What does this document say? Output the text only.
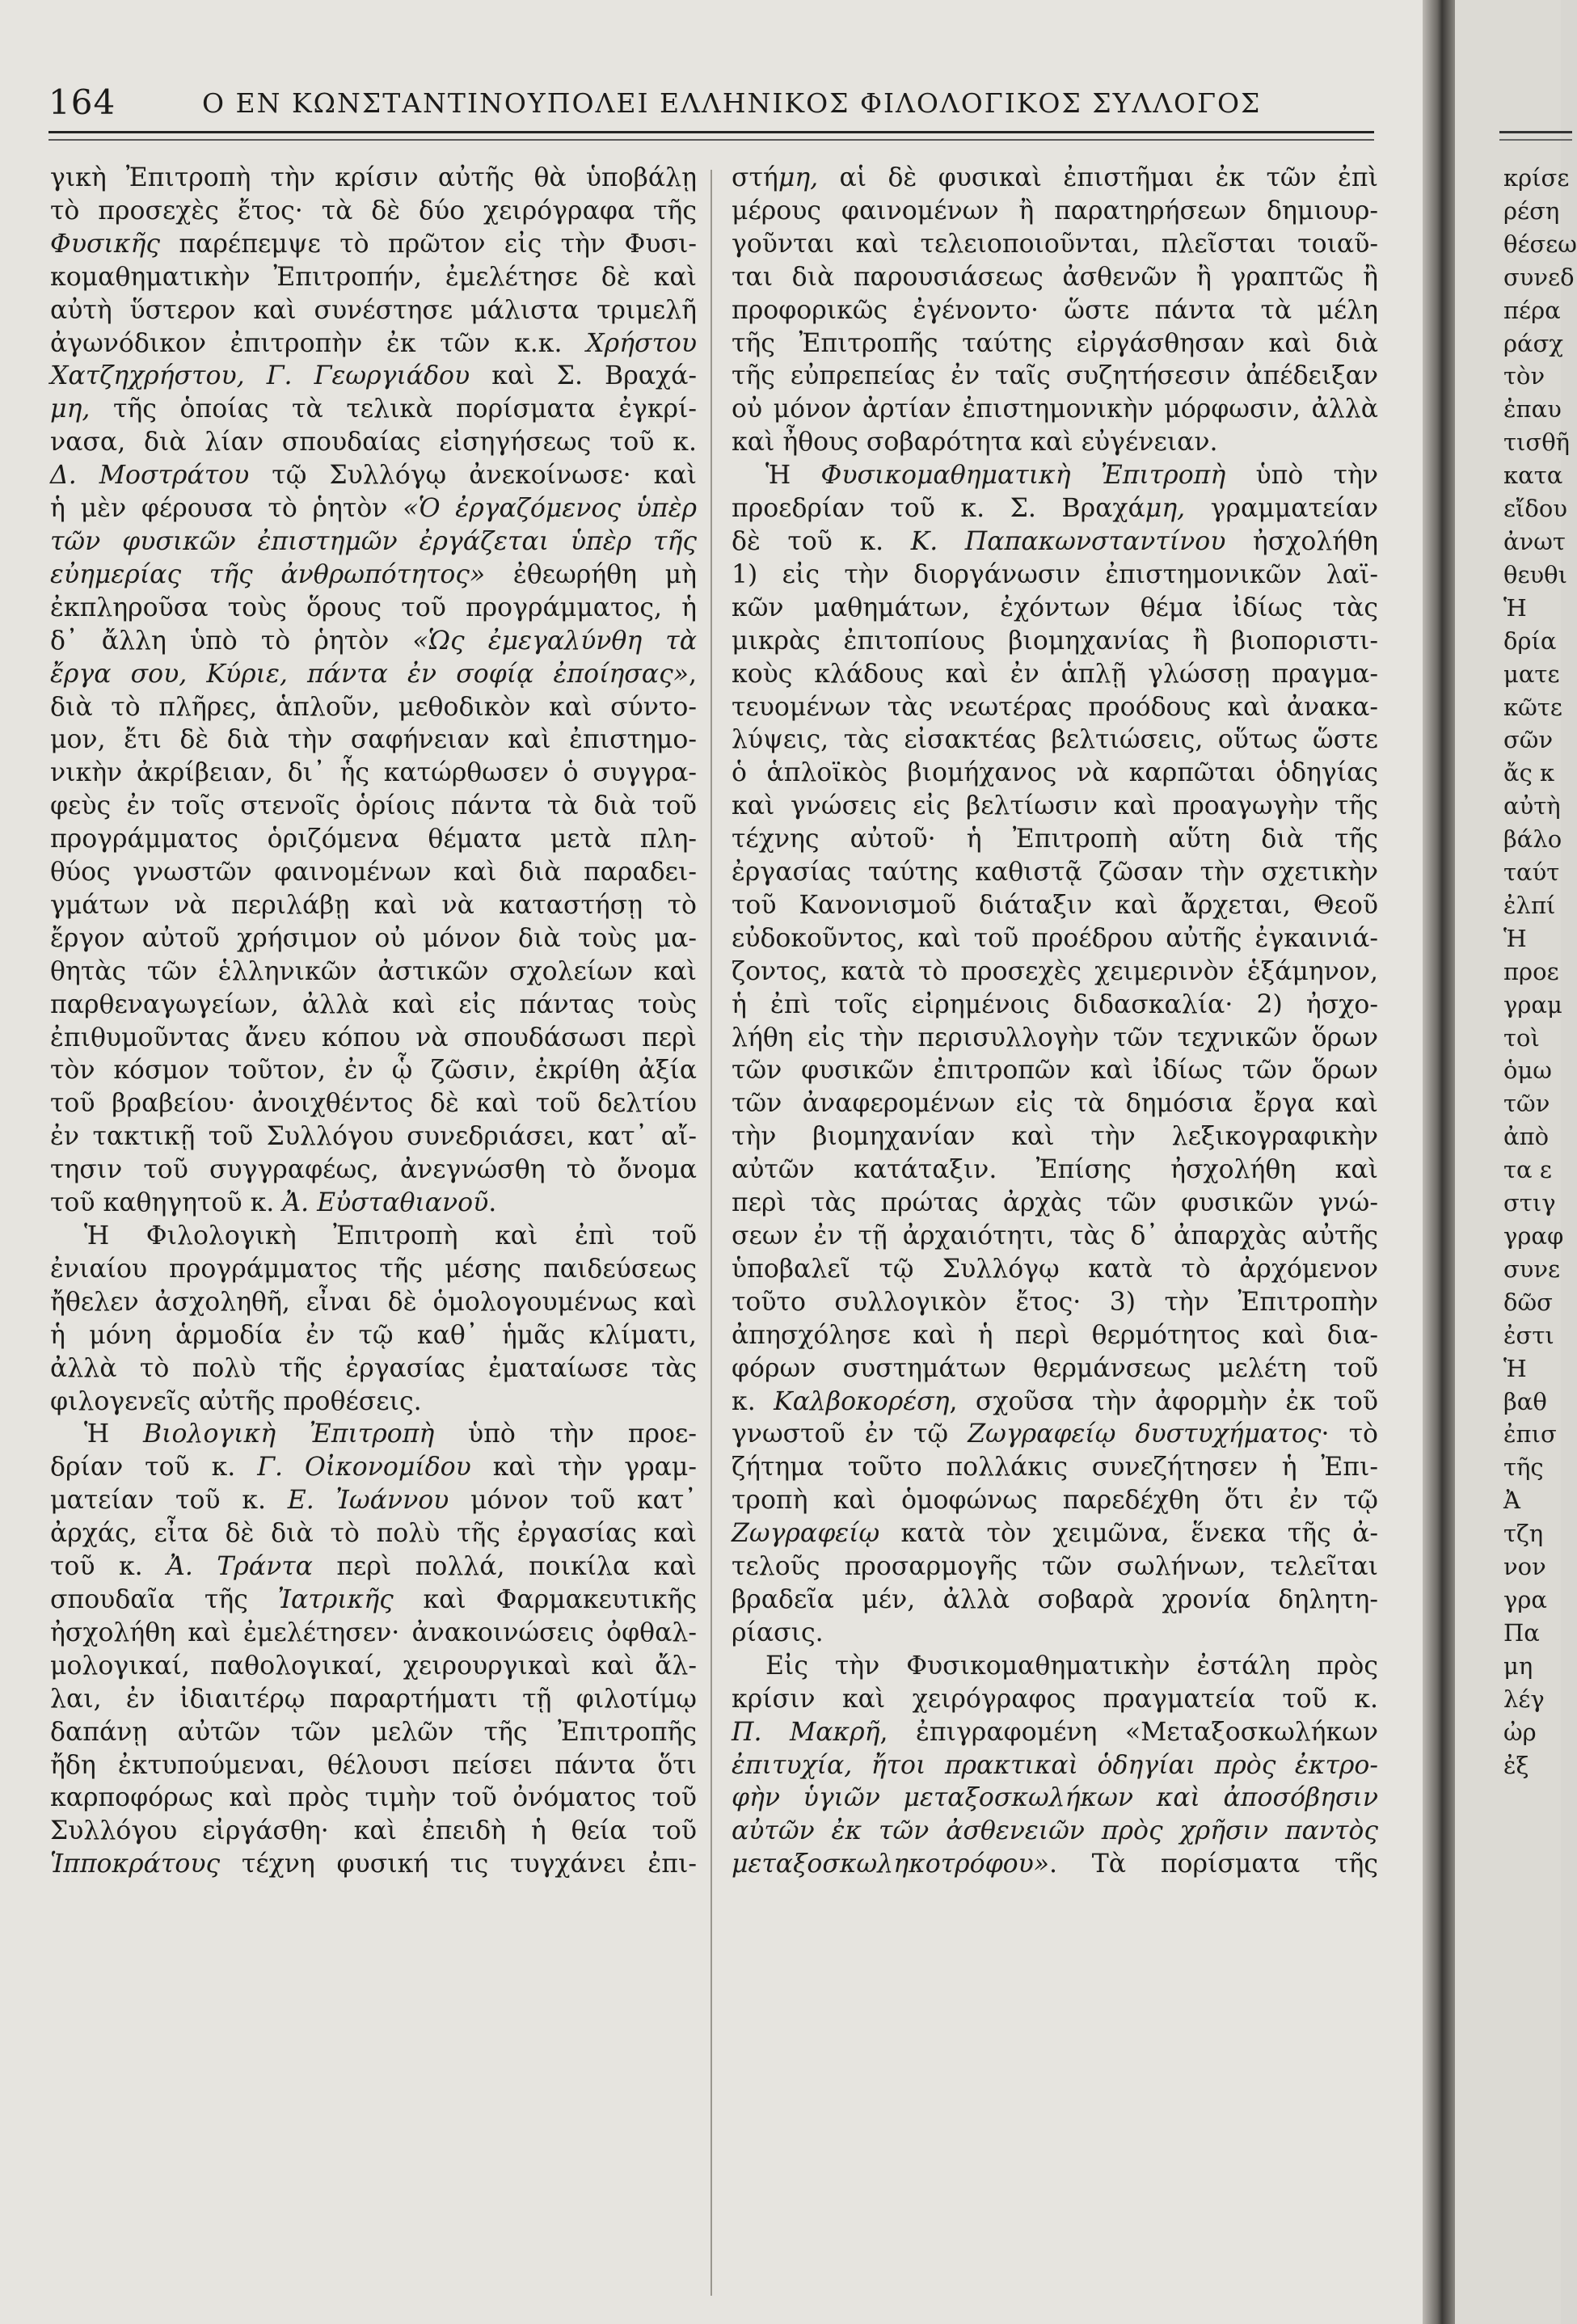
164	Ο ΕΝ ΚΩΝΣΤΑΝΤΙΝΟΥΠΟΛΕΙ ΕΛΛΗΝΙΚΟΣ ΦΙΛΟΛΟΓΙΚΟΣ ΣΥΛΛΟΓΟΣ
γικὴ Ἐπιτροπὴ τὴν κρίσιν αὐτῆς θὰ ὑποβάλῃ
τὸ προσεχὲς ἔτος· τὰ δὲ δύο χειρόγραφα τῆς
Φυσικῆς παρέπεμψε τὸ πρῶτον εἰς τὴν Φυσι-
κομαθηματικὴν Ἐπιτροπήν, ἐμελέτησε δὲ καὶ
αὐτὴ ὕστερον καὶ συνέστησε μάλιστα τριμελῆ
ἀγωνόδικον ἐπιτροπὴν ἐκ τῶν κ.κ. Χρήστου
Χατζηχρήστου, Γ. Γεωργιάδου καὶ Σ. Βραχά-
μη, τῆς ὁποίας τὰ τελικὰ πορίσματα ἐγκρί-
νασα, διὰ λίαν σπουδαίας εἰσηγήσεως τοῦ κ.
Δ. Μοστράτου τῷ Συλλόγῳ ἀνεκοίνωσε· καὶ
ἡ μὲν φέρουσα τὸ ῥητὸν «Ὁ ἐργαζόμενος ὑπὲρ
τῶν φυσικῶν ἐπιστημῶν ἐργάζεται ὑπὲρ τῆς
εὐημερίας τῆς ἀνθρωπότητος» ἐθεωρήθη μὴ
ἐκπληροῦσα τοὺς ὅρους τοῦ προγράμματος, ἡ
δ᾿ ἄλλη ὑπὸ τὸ ῥητὸν «Ὡς ἐμεγαλύνθη τὰ
ἔργα σου, Κύριε, πάντα ἐν σοφίᾳ ἐποίησας»,
διὰ τὸ πλῆρες, ἁπλοῦν, μεθοδικὸν καὶ σύντο-
μον, ἔτι δὲ διὰ τὴν σαφήνειαν καὶ ἐπιστημο-
νικὴν ἀκρίβειαν, δι᾿ ἧς κατώρθωσεν ὁ συγγρα-
φεὺς ἐν τοῖς στενοῖς ὁρίοις πάντα τὰ διὰ τοῦ
προγράμματος ὁριζόμενα θέματα μετὰ πλη-
θύος γνωστῶν φαινομένων καὶ διὰ παραδει-
γμάτων νὰ περιλάβῃ καὶ νὰ καταστήσῃ τὸ
ἔργον αὐτοῦ χρήσιμον οὐ μόνον διὰ τοὺς μα-
θητὰς τῶν ἑλληνικῶν ἀστικῶν σχολείων καὶ
παρθεναγωγείων, ἀλλὰ καὶ εἰς πάντας τοὺς
ἐπιθυμοῦντας ἄνευ κόπου νὰ σπουδάσωσι περὶ
τὸν κόσμον τοῦτον, ἐν ᾧ ζῶσιν, ἐκρίθη ἀξία
τοῦ βραβείου· ἀνοιχθέντος δὲ καὶ τοῦ δελτίου
ἐν τακτικῇ τοῦ Συλλόγου συνεδριάσει, κατ᾿ αἴ-
τησιν τοῦ συγγραφέως, ἀνεγνώσθη τὸ ὄνομα
τοῦ καθηγητοῦ κ. Ἀ. Εὐσταθιανοῦ.
Ἡ Φιλολογικὴ Ἐπιτροπὴ καὶ ἐπὶ τοῦ
ἐνιαίου προγράμματος τῆς μέσης παιδεύσεως
ἤθελεν ἀσχοληθῆ, εἶναι δὲ ὁμολογουμένως καὶ
ἡ μόνη ἁρμοδία ἐν τῷ καθ᾿ ἡμᾶς κλίματι,
ἀλλὰ τὸ πολὺ τῆς ἐργασίας ἐματαίωσε τὰς
φιλογενεῖς αὐτῆς προθέσεις.
Ἡ Βιολογικὴ Ἐπιτροπὴ ὑπὸ τὴν προε-
δρίαν τοῦ κ. Γ. Οἰκονομίδου καὶ τὴν γραμ-
ματείαν τοῦ κ. Ε. Ἰωάννου μόνον τοῦ κατ᾿
ἀρχάς, εἶτα δὲ διὰ τὸ πολὺ τῆς ἐργασίας καὶ
τοῦ κ. Ἀ. Τράντα περὶ πολλά, ποικίλα καὶ
σπουδαῖα τῆς Ἰατρικῆς καὶ Φαρμακευτικῆς
ἠσχολήθη καὶ ἐμελέτησεν· ἀνακοινώσεις ὀφθαλ-
μολογικαί, παθολογικαί, χειρουργικαὶ καὶ ἄλ-
λαι, ἐν ἰδιαιτέρῳ παραρτήματι τῇ φιλοτίμῳ
δαπάνῃ αὐτῶν τῶν μελῶν τῆς Ἐπιτροπῆς
ἤδη ἐκτυπούμεναι, θέλουσι πείσει πάντα ὅτι
καρποφόρως καὶ πρὸς τιμὴν τοῦ ὀνόματος τοῦ
Συλλόγου εἰργάσθη· καὶ ἐπειδὴ ἡ θεία τοῦ
Ἱπποκράτους τέχνη φυσική τις τυγχάνει ἐπι-
στήμη, αἱ δὲ φυσικαὶ ἐπιστῆμαι ἐκ τῶν ἐπὶ
μέρους φαινομένων ἢ παρατηρήσεων δημιουρ-
γοῦνται καὶ τελειοποιοῦνται, πλεῖσται τοιαῦ-
ται διὰ παρουσιάσεως ἀσθενῶν ἢ γραπτῶς ἢ
προφορικῶς ἐγένοντο· ὥστε πάντα τὰ μέλη
τῆς Ἐπιτροπῆς ταύτης εἰργάσθησαν καὶ διὰ
τῆς εὐπρεπείας ἐν ταῖς συζητήσεσιν ἀπέδειξαν
οὐ μόνον ἀρτίαν ἐπιστημονικὴν μόρφωσιν, ἀλλὰ
καὶ ἦθους σοβαρότητα καὶ εὐγένειαν.
Ἡ Φυσικομαθηματικὴ Ἐπιτροπὴ ὑπὸ τὴν
προεδρίαν τοῦ κ. Σ. Βραχάμη, γραμματείαν
δὲ τοῦ κ. Κ. Παπακωνσταντίνου ἠσχολήθη
1) εἰς τὴν διοργάνωσιν ἐπιστημονικῶν λαϊ-
κῶν μαθημάτων, ἐχόντων θέμα ἰδίως τὰς
μικρὰς ἐπιτοπίους βιομηχανίας ἢ βιοποριστι-
κοὺς κλάδους καὶ ἐν ἁπλῇ γλώσσῃ πραγμα-
τευομένων τὰς νεωτέρας προόδους καὶ ἀνακα-
λύψεις, τὰς εἰσακτέας βελτιώσεις, οὕτως ὥστε
ὁ ἁπλοϊκὸς βιομήχανος νὰ καρπῶται ὁδηγίας
καὶ γνώσεις εἰς βελτίωσιν καὶ προαγωγὴν τῆς
τέχνης αὐτοῦ· ἡ Ἐπιτροπὴ αὕτη διὰ τῆς
ἐργασίας ταύτης καθιστᾷ ζῶσαν τὴν σχετικὴν
τοῦ Κανονισμοῦ διάταξιν καὶ ἄρχεται, Θεοῦ
εὐδοκοῦντος, καὶ τοῦ προέδρου αὐτῆς ἐγκαινιά-
ζοντος, κατὰ τὸ προσεχὲς χειμερινὸν ἑξάμηνον,
ἡ ἐπὶ τοῖς εἰρημένοις διδασκαλία· 2) ἠσχο-
λήθη εἰς τὴν περισυλλογὴν τῶν τεχνικῶν ὅρων
τῶν φυσικῶν ἐπιτροπῶν καὶ ἰδίως τῶν ὅρων
τῶν ἀναφερομένων εἰς τὰ δημόσια ἔργα καὶ
τὴν βιομηχανίαν καὶ τὴν λεξικογραφικὴν
αὐτῶν κατάταξιν. Ἐπίσης ἠσχολήθη καὶ
περὶ τὰς πρώτας ἀρχὰς τῶν φυσικῶν γνώ-
σεων ἐν τῇ ἀρχαιότητι, τὰς δ᾿ ἀπαρχὰς αὐτῆς
ὑποβαλεῖ τῷ Συλλόγῳ κατὰ τὸ ἀρχόμενον
τοῦτο συλλογικὸν ἔτος· 3) τὴν Ἐπιτροπὴν
ἀπησχόλησε καὶ ἡ περὶ θερμότητος καὶ δια-
φόρων συστημάτων θερμάνσεως μελέτη τοῦ
κ. Καλβοκορέση, σχοῦσα τὴν ἀφορμὴν ἐκ τοῦ
γνωστοῦ ἐν τῷ Ζωγραφείῳ δυστυχήματος· τὸ
ζήτημα τοῦτο πολλάκις συνεζήτησεν ἡ Ἐπι-
τροπὴ καὶ ὁμοφώνως παρεδέχθη ὅτι ἐν τῷ
Ζωγραφείῳ κατὰ τὸν χειμῶνα, ἕνεκα τῆς ἀ-
τελοῦς προσαρμογῆς τῶν σωλήνων, τελεῖται
βραδεῖα μέν, ἀλλὰ σοβαρὰ χρονία δηλητη-
ρίασις.
Εἰς τὴν Φυσικομαθηματικὴν ἐστάλη πρὸς
κρίσιν καὶ χειρόγραφος πραγματεία τοῦ κ.
Π. Μακρῆ, ἐπιγραφομένη «Μεταξοσκωλήκων
ἐπιτυχία, ἤτοι πρακτικαὶ ὁδηγίαι πρὸς ἐκτρο-
φὴν ὑγιῶν μεταξοσκωλήκων καὶ ἀποσόβησιν
αὐτῶν ἐκ τῶν ἀσθενειῶν πρὸς χρῆσιν παντὸς
μεταξοσκωληκοτρόφου». Τὰ πορίσματα τῆς
κρίσε
ρέση
θέσεω
συνεδ
πέρα
ράσχ
τὸν
ἐπαυ
τισθῆ
κατα
εἴδου
ἀνωτ
θευθι
Ἡ
δρία
ματε
κῶτε
σῶν
ἄς κ
αὐτὴ
βάλο
ταύτ
ἐλπί
Ἡ
προε
γραμ
τοὶ
ὁμω
τῶν
ἀπὸ
τα ε
στιγ
γραφ
συνε
δῶσ
ἐστι
Ἡ
βαθ
ἐπισ
τῆς
Ἀ
τζη
νον
γρα
Πα
μη
λέγ
ὠρ
ἐξ
